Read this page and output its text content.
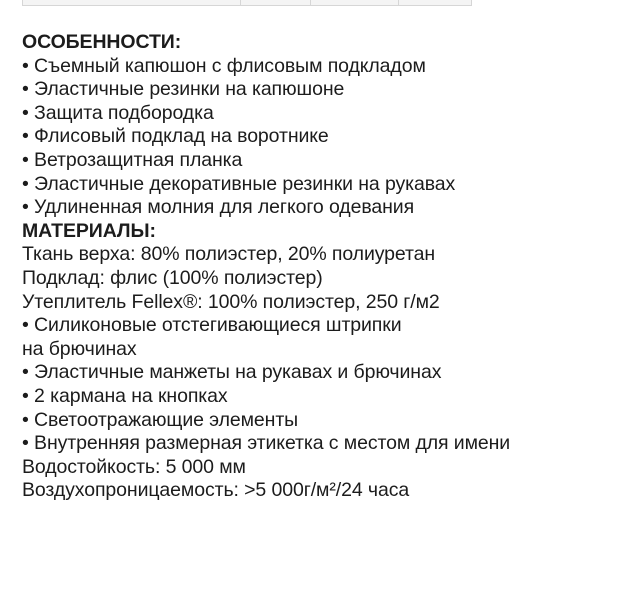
ОСОБЕННОСТИ:
• Съемный капюшон с флисовым подкладом
• Эластичные резинки на капюшоне
• Защита подбородка
• Флисовый подклад на воротнике
• Ветрозащитная планка
• Эластичные декоративные резинки на рукавах
• Удлиненная молния для легкого одевания
МАТЕРИАЛЫ:
Ткань верха: 80% полиэстер, 20% полиуретан
Подклад: флис (100% полиэстер)
Утеплитель Fellex®: 100% полиэстер, 250 г/м2
• Силиконовые отстегивающиеся штрипки
на брючинах
• Эластичные манжеты на рукавах и брючинах
• 2 кармана на кнопках
• Светоотражающие элементы
• Внутренняя размерная этикетка с местом для имени
Водостойкость: 5 000 мм
Воздухопроницаемость: >5 000г/м²/24 часа
